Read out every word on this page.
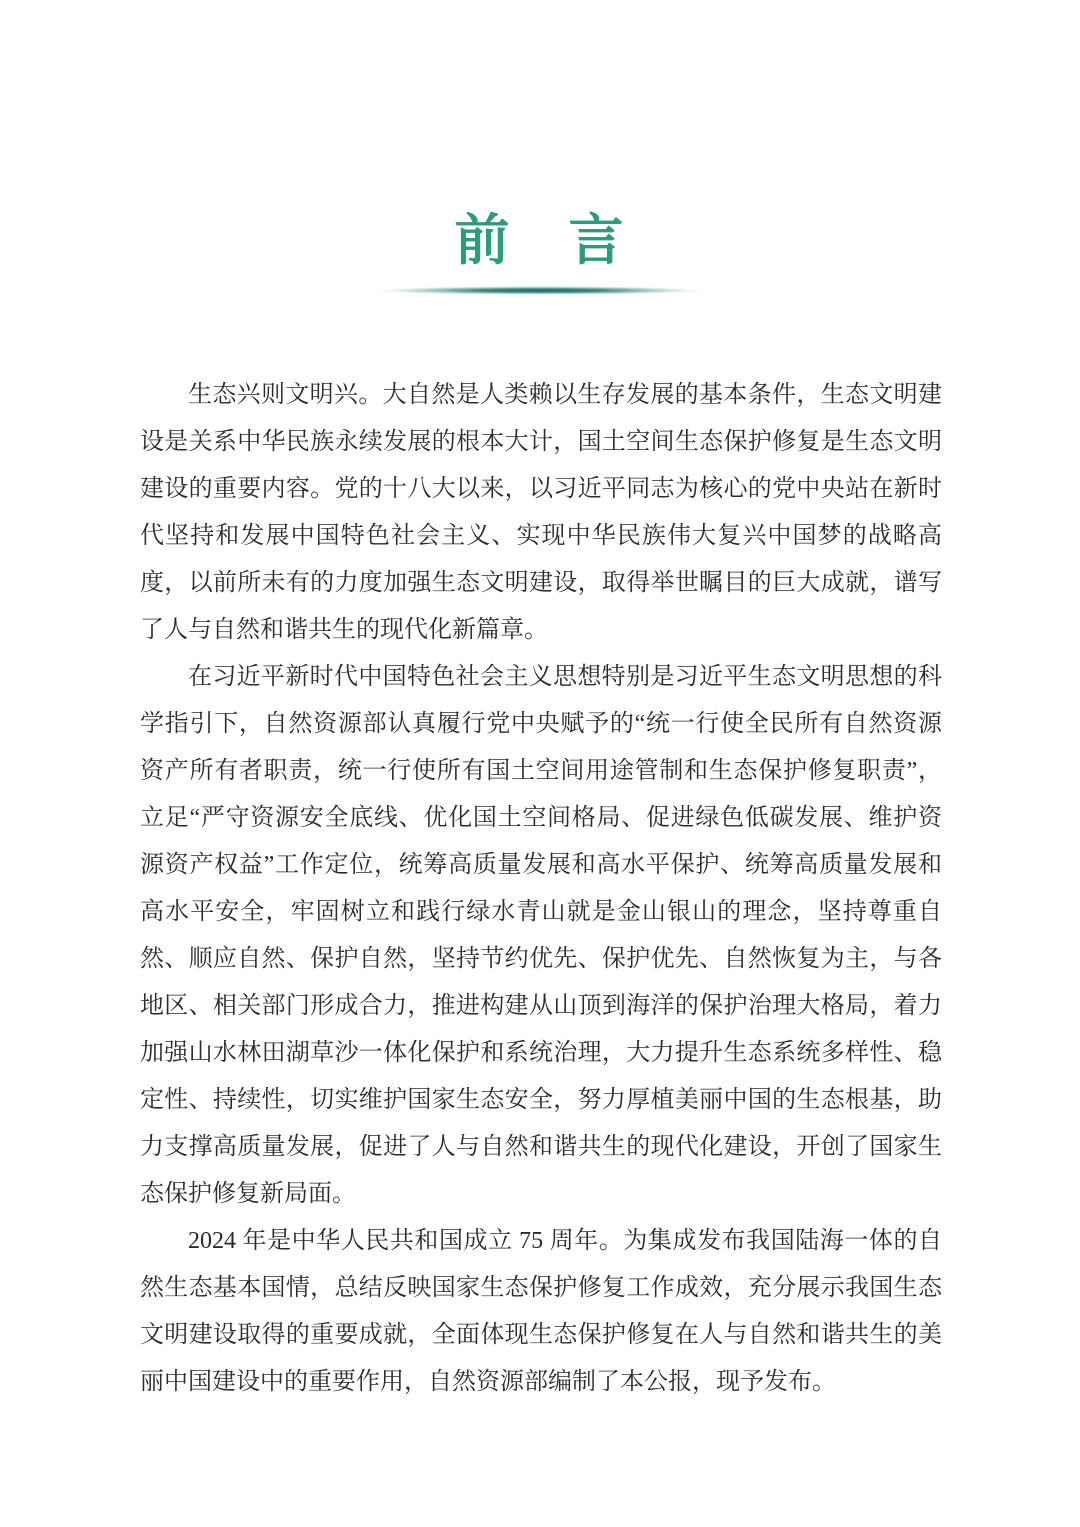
前　言

生态兴则文明兴。大自然是人类赖以生存发展的基本条件，生态文明建设是关系中华民族永续发展的根本大计，国土空间生态保护修复是生态文明建设的重要内容。党的十八大以来，以习近平同志为核心的党中央站在新时代坚持和发展中国特色社会主义、实现中华民族伟大复兴中国梦的战略高度，以前所未有的力度加强生态文明建设，取得举世瞩目的巨大成就，谱写了人与自然和谐共生的现代化新篇章。

在习近平新时代中国特色社会主义思想特别是习近平生态文明思想的科学指引下，自然资源部认真履行党中央赋予的“统一行使全民所有自然资源资产所有者职责，统一行使所有国土空间用途管制和生态保护修复职责”，立足“严守资源安全底线、优化国土空间格局、促进绿色低碳发展、维护资源资产权益”工作定位，统筹高质量发展和高水平保护、统筹高质量发展和高水平安全，牢固树立和践行绿水青山就是金山银山的理念，坚持尊重自然、顺应自然、保护自然，坚持节约优先、保护优先、自然恢复为主，与各地区、相关部门形成合力，推进构建从山顶到海洋的保护治理大格局，着力加强山水林田湖草沙一体化保护和系统治理，大力提升生态系统多样性、稳定性、持续性，切实维护国家生态安全，努力厚植美丽中国的生态根基，助力支撑高质量发展，促进了人与自然和谐共生的现代化建设，开创了国家生态保护修复新局面。

2024 年是中华人民共和国成立 75 周年。为集成发布我国陆海一体的自然生态基本国情，总结反映国家生态保护修复工作成效，充分展示我国生态文明建设取得的重要成就，全面体现生态保护修复在人与自然和谐共生的美丽中国建设中的重要作用，自然资源部编制了本公报，现予发布。
